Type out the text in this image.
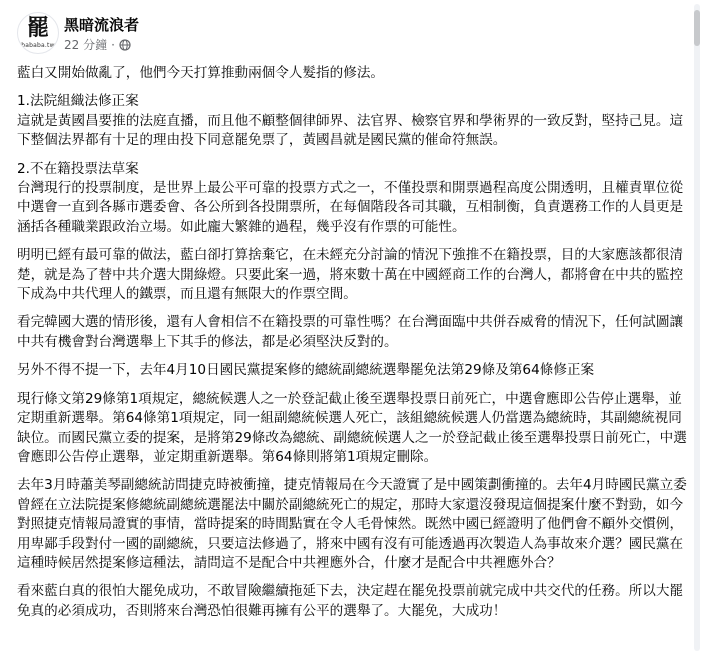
罷
bababa.tw
黑暗流浪者
22 分鐘 ·

藍白又開始做亂了，他們今天打算推動兩個令人髮指的修法。

1.法院組織法修正案
這就是黃國昌要推的法庭直播，而且他不顧整個律師界、法官界、檢察官界和學術界的一致反對，堅持己見。這下整個法界都有十足的理由投下同意罷免票了，黃國昌就是國民黨的催命符無誤。

2.不在籍投票法草案
台灣現行的投票制度，是世界上最公平可靠的投票方式之一，不僅投票和開票過程高度公開透明，且權責單位從中選會一直到各縣市選委會、各公所到各投開票所，在每個階段各司其職，互相制衡，負責選務工作的人員更是涵括各種職業跟政治立場。如此龐大繁雜的過程，幾乎沒有作票的可能性。

明明已經有最可靠的做法，藍白卻打算捨棄它，在未經充分討論的情況下強推不在籍投票，目的大家應該都很清楚，就是為了替中共介選大開綠燈。只要此案一過，將來數十萬在中國經商工作的台灣人，都將會在中共的監控下成為中共代理人的鐵票，而且還有無限大的作票空間。

看完韓國大選的情形後，還有人會相信不在籍投票的可靠性嗎？在台灣面臨中共併吞威脅的情況下，任何試圖讓中共有機會對台灣選舉上下其手的修法，都是必須堅決反對的。

另外不得不提一下，去年4月10日國民黨提案修的總統副總統選舉罷免法第29條及第64條修正案

現行條文第29條第1項規定，總統候選人之一於登記截止後至選舉投票日前死亡，中選會應即公告停止選舉，並定期重新選舉。第64條第1項規定，同一組副總統候選人死亡，該組總統候選人仍當選為總統時，其副總統視同缺位。而國民黨立委的提案，是將第29條改為總統、副總統候選人之一於登記截止後至選舉投票日前死亡，中選會應即公告停止選舉，並定期重新選舉。第64條則將第1項規定刪除。

去年3月時蕭美琴副總統訪問捷克時被衝撞，捷克情報局在今天證實了是中國策劃衝撞的。去年4月時國民黨立委曾經在立法院提案修總統副總統選罷法中關於副總統死亡的規定，那時大家還沒發現這個提案什麼不對勁，如今對照捷克情報局證實的事情，當時提案的時間點實在令人毛骨悚然。既然中國已經證明了他們會不顧外交慣例，用卑鄙手段對付一國的副總統，只要這法修過了，將來中國有沒有可能透過再次製造人為事故來介選？國民黨在這種時候居然提案修這種法，請問這不是配合中共裡應外合，什麼才是配合中共裡應外合？

看來藍白真的很怕大罷免成功，不敢冒險繼續拖延下去，決定趕在罷免投票前就完成中共交代的任務。所以大罷免真的必須成功，否則將來台灣恐怕很難再擁有公平的選舉了。大罷免，大成功！
